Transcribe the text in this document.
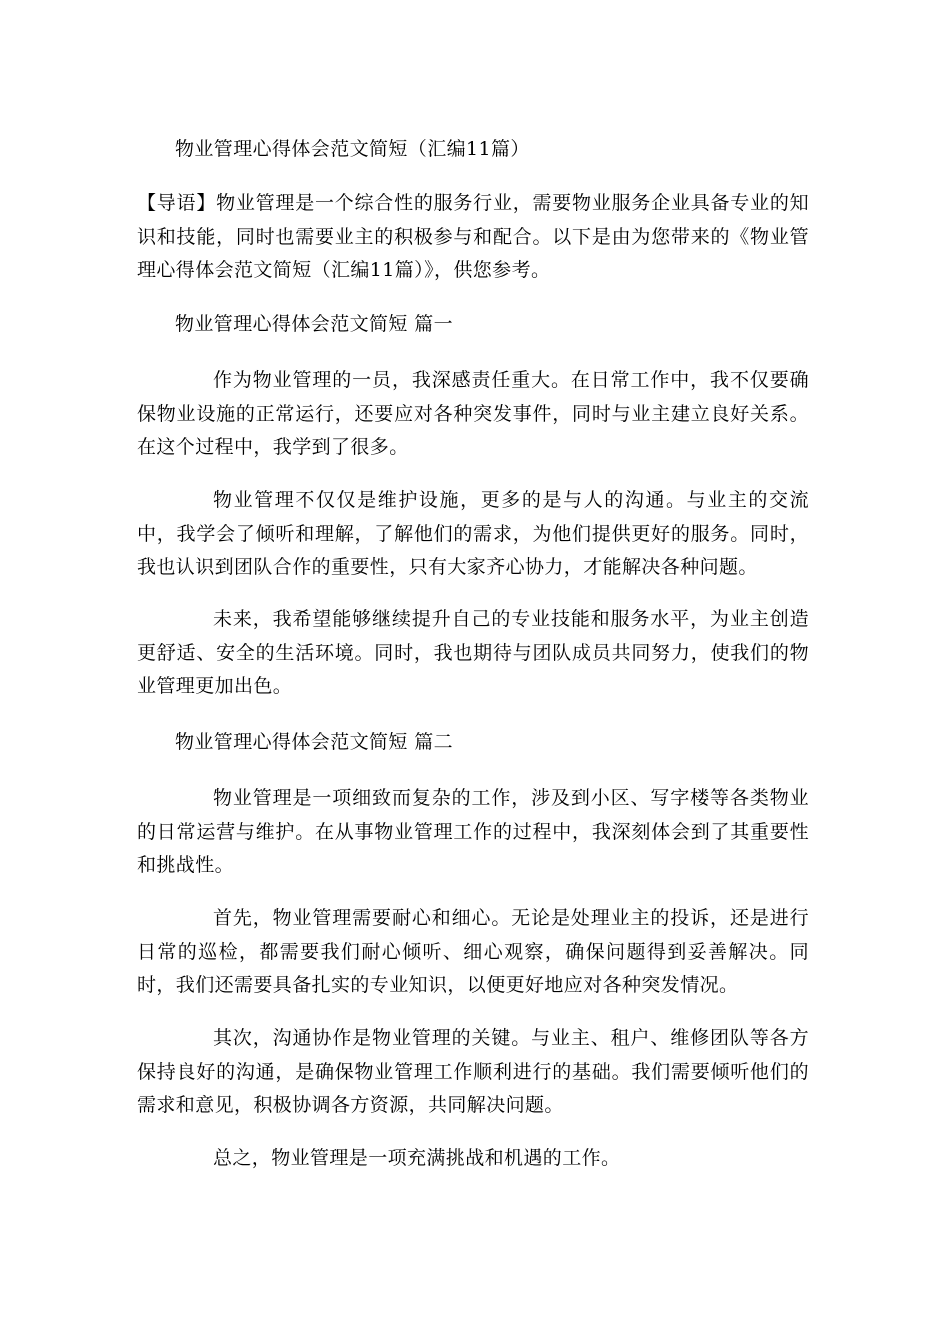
物业管理心得体会范文简短（汇编11篇）
【导语】物业管理是一个综合性的服务行业，需要物业服务企业具备专业的知识和技能，同时也需要业主的积极参与和配合。以下是由为您带来的《物业管理心得体会范文简短（汇编11篇）》，供您参考。
物业管理心得体会范文简短 篇一
作为物业管理的一员，我深感责任重大。在日常工作中，我不仅要确保物业设施的正常运行，还要应对各种突发事件，同时与业主建立良好关系。在这个过程中，我学到了很多。
物业管理不仅仅是维护设施，更多的是与人的沟通。与业主的交流中，我学会了倾听和理解，了解他们的需求，为他们提供更好的服务。同时，我也认识到团队合作的重要性，只有大家齐心协力，才能解决各种问题。
未来，我希望能够继续提升自己的专业技能和服务水平，为业主创造更舒适、安全的生活环境。同时，我也期待与团队成员共同努力，使我们的物业管理更加出色。
物业管理心得体会范文简短 篇二
物业管理是一项细致而复杂的工作，涉及到小区、写字楼等各类物业的日常运营与维护。在从事物业管理工作的过程中，我深刻体会到了其重要性和挑战性。
首先，物业管理需要耐心和细心。无论是处理业主的投诉，还是进行日常的巡检，都需要我们耐心倾听、细心观察，确保问题得到妥善解决。同时，我们还需要具备扎实的专业知识，以便更好地应对各种突发情况。
其次，沟通协作是物业管理的关键。与业主、租户、维修团队等各方保持良好的沟通，是确保物业管理工作顺利进行的基础。我们需要倾听他们的需求和意见，积极协调各方资源，共同解决问题。
总之，物业管理是一项充满挑战和机遇的工作。
